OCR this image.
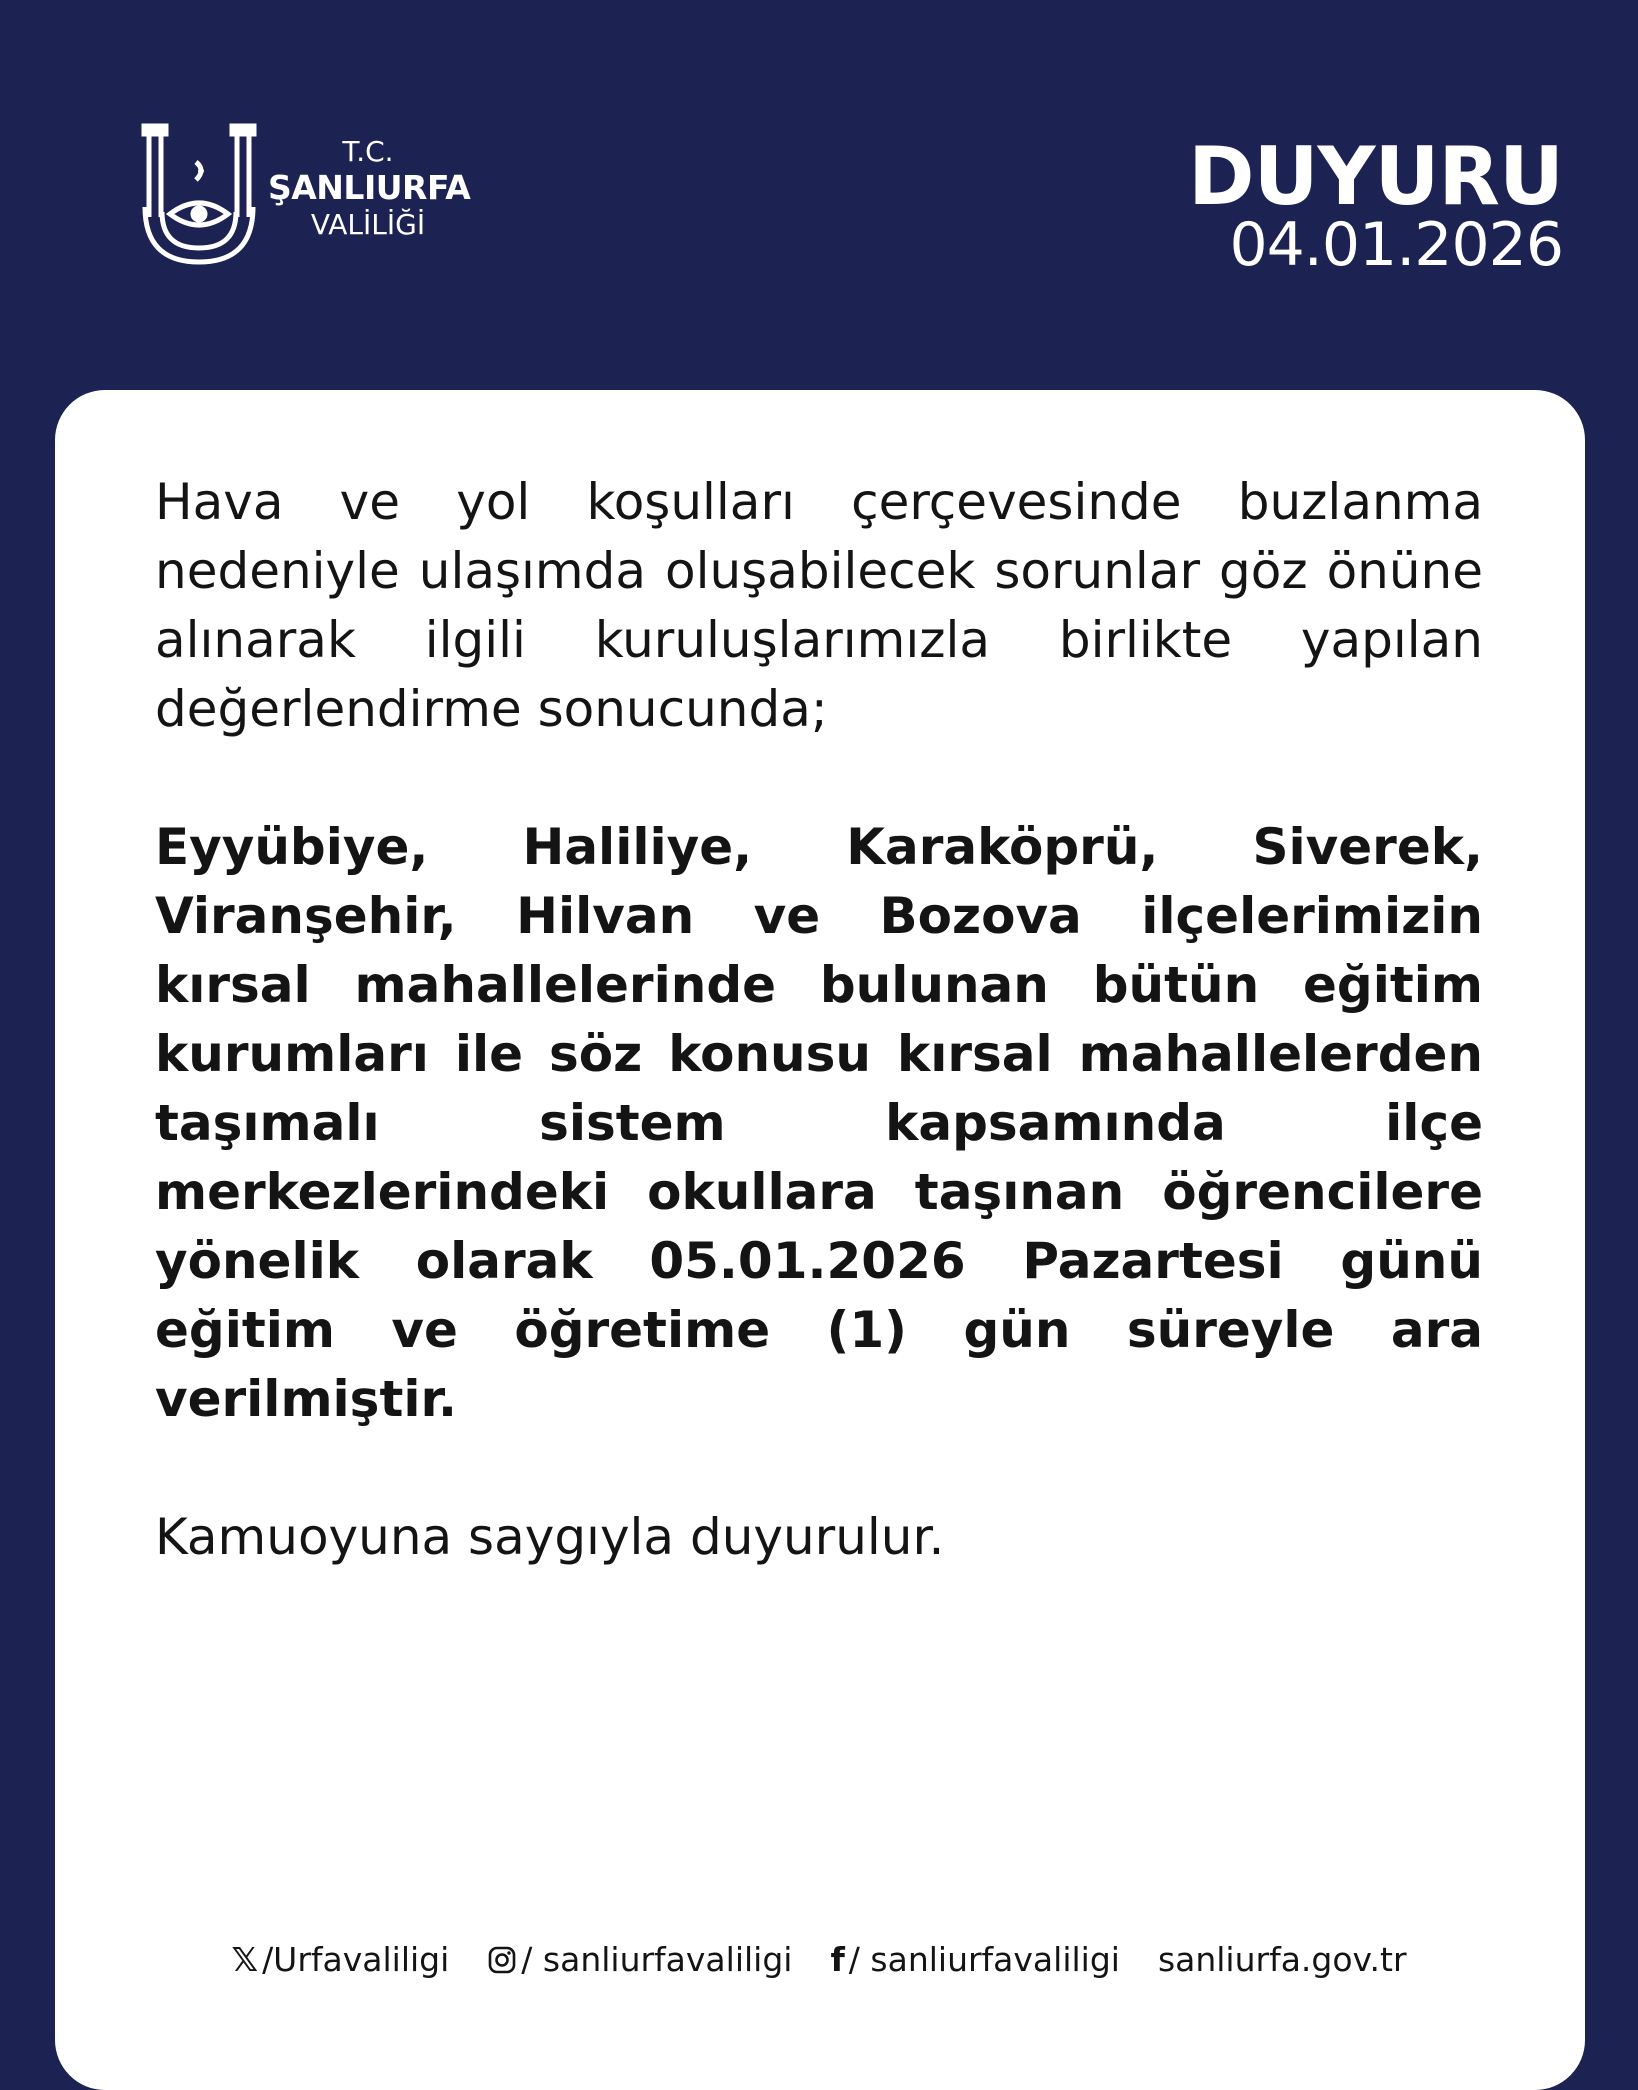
T.C.
ŞANLIURFA
VALİLİĞİ
DUYURU
04.01.2026

Hava ve yol koşulları çerçevesinde buzlanma nedeniyle ulaşımda oluşabilecek sorunlar göz önüne alınarak ilgili kuruluşlarımızla birlikte yapılan değerlendirme sonucunda;

Eyyübiye, Haliliye, Karaköprü, Siverek, Viranşehir, Hilvan ve Bozova ilçelerimizin kırsal mahallelerinde bulunan bütün eğitim kurumları ile söz konusu kırsal mahallelerden taşımalı sistem kapsamında ilçe merkezlerindeki okullara taşınan öğrencilere yönelik olarak 05.01.2026 Pazartesi günü eğitim ve öğretime (1) gün süreyle ara verilmiştir.

Kamuoyuna saygıyla duyurulur.

𝕏 /Urfavaliligi / sanliurfavaliligi f / sanliurfavaliligi sanliurfa.gov.tr
